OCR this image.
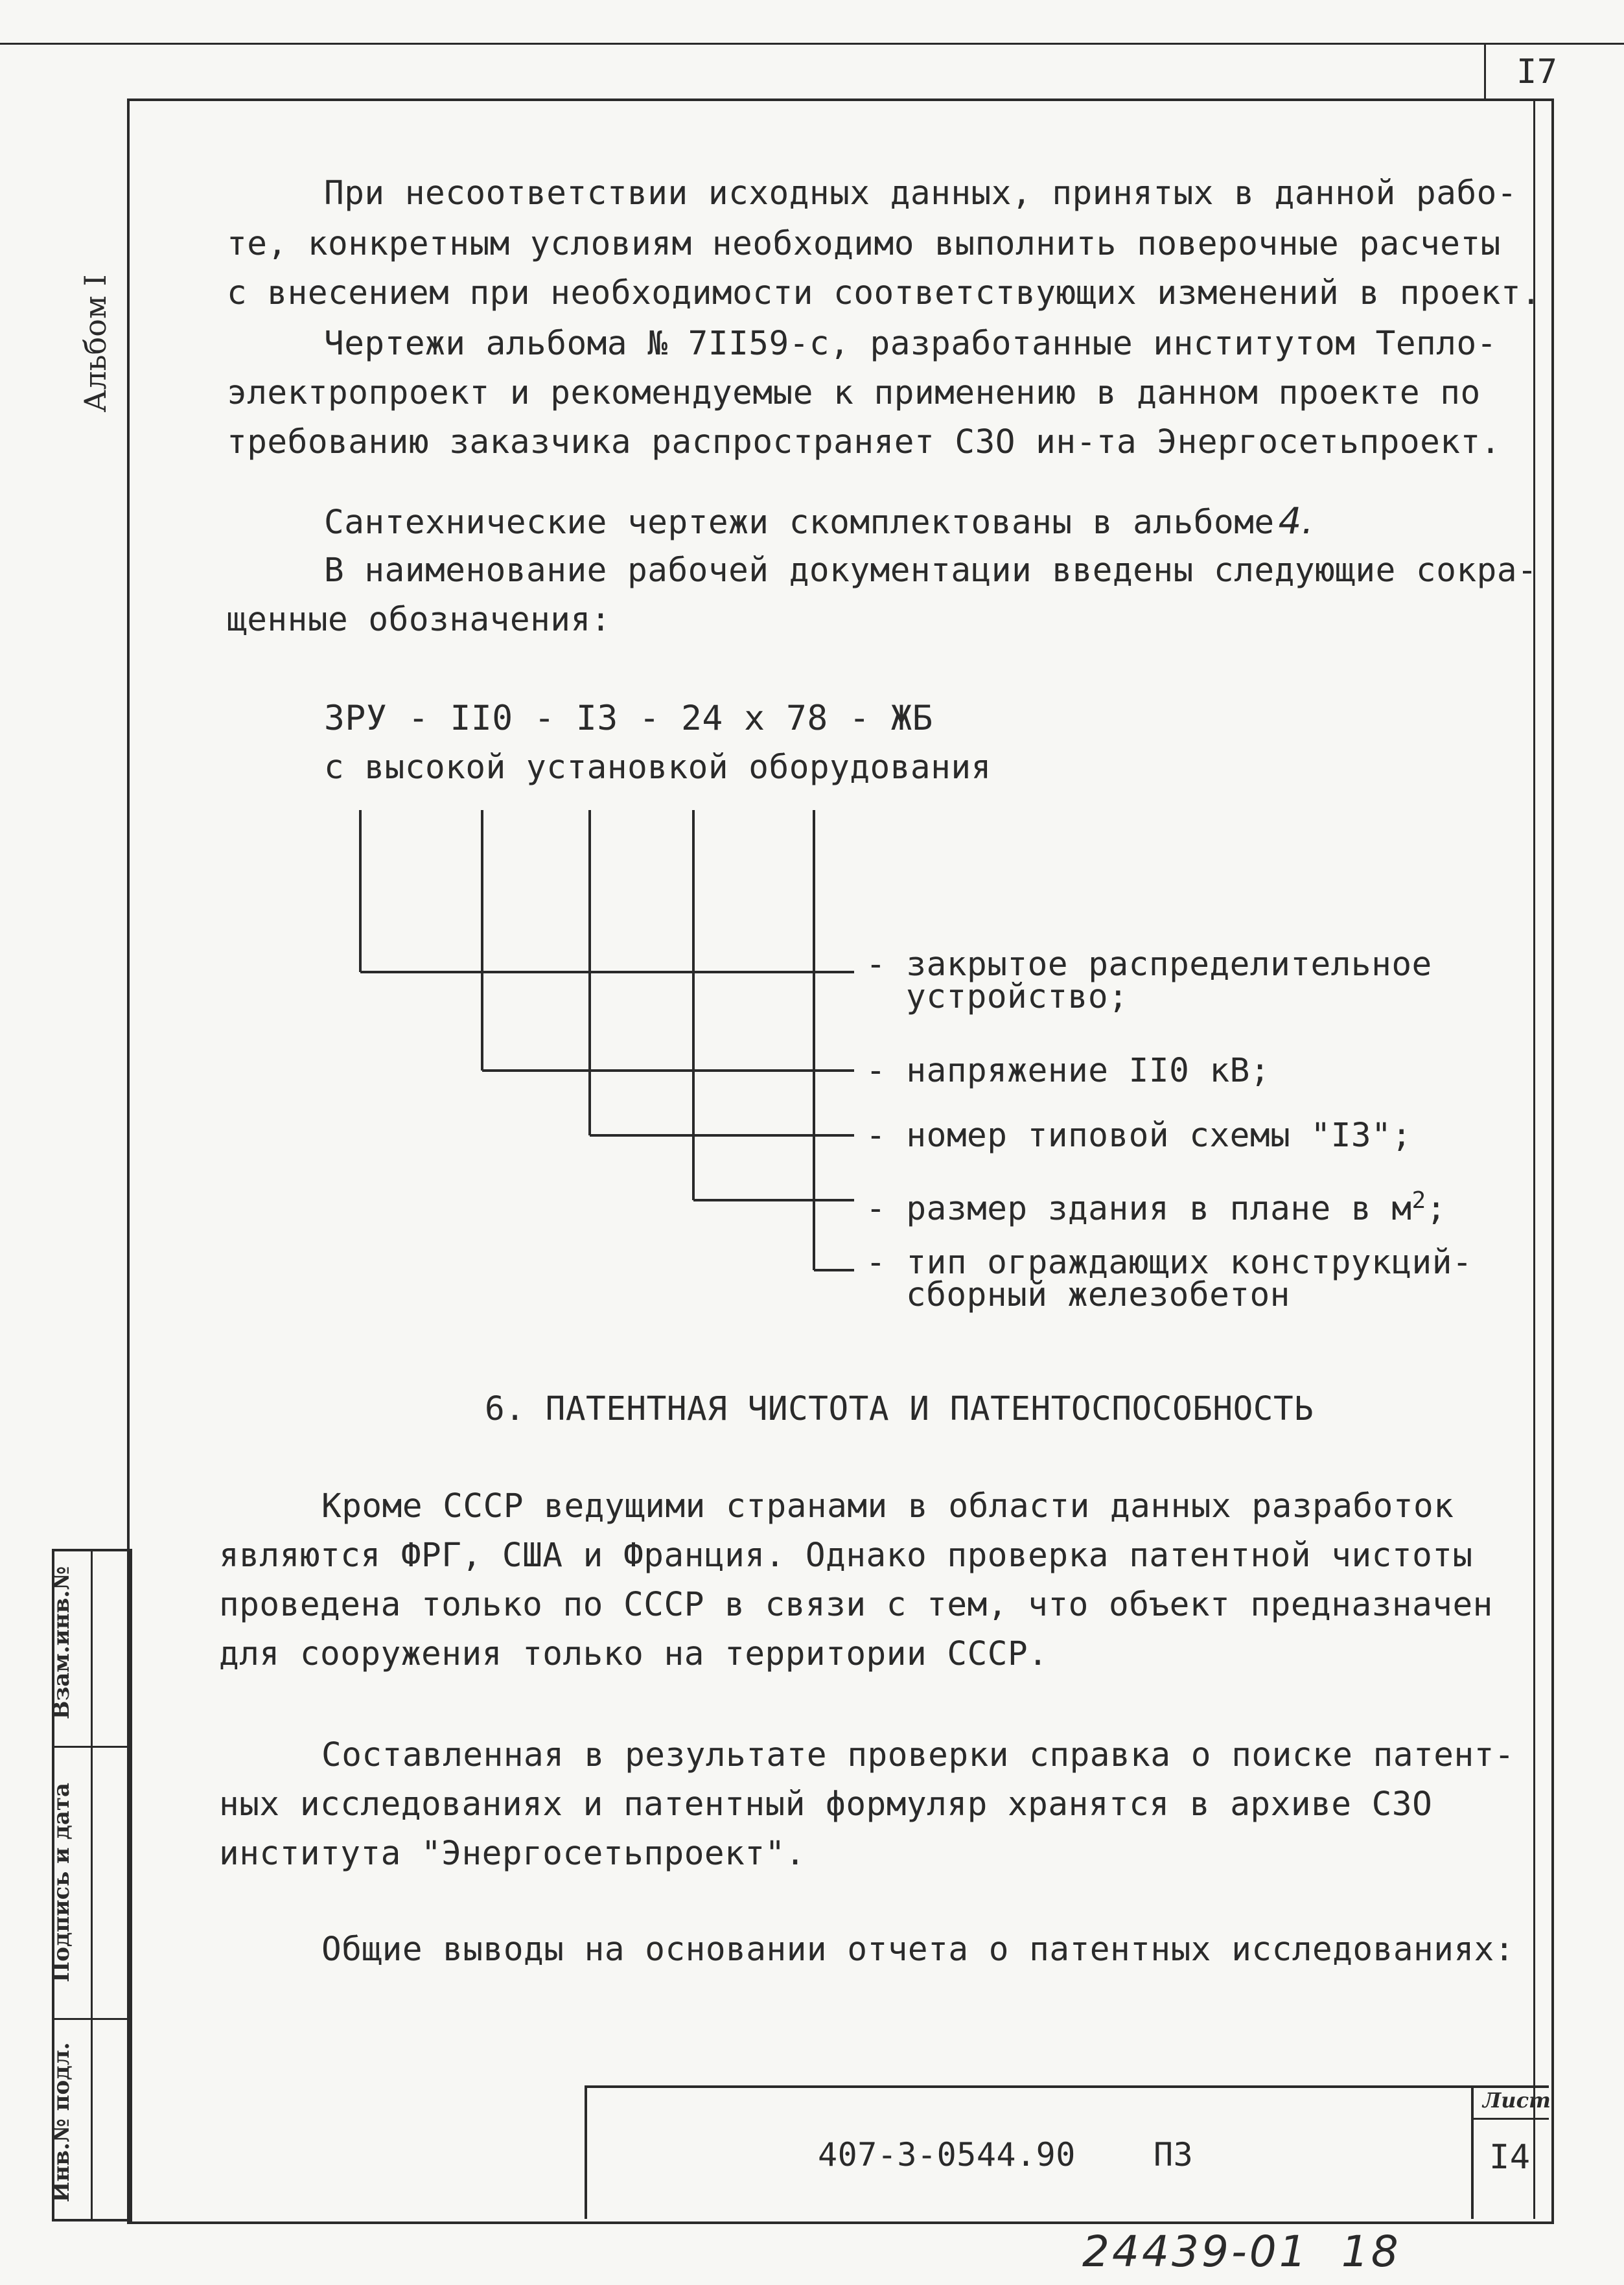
I7
Альбом I
Взам.инв.№
Подпись и дата
Инв.№ подл.
При несоответствии исходных данных, принятых в данной рабо-
те, конкретным условиям необходимо выполнить поверочные расчеты
с внесением при необходимости соответствующих изменений в проект.
Чертежи альбома № 7II59-с, разработанные институтом Тепло-
электропроект и рекомендуемые к применению в данном проекте по
требованию заказчика распространяет СЗО ин-та Энергосетьпроект.
Сантехнические чертежи скомплектованы в альбоме 4.
В наименование рабочей документации введены следующие сокра-
щенные обозначения:
ЗРУ - II0 - I3 - 24 х 78 - ЖБ
с высокой установкой оборудования
- закрытое распределительное
устройство;
- напряжение II0 кВ;
- номер типовой схемы "I3";
- размер здания в плане в $м^2$;
- тип ограждающих конструкций-
сборный железобетон
6. ПАТЕНТНАЯ ЧИСТОТА И ПАТЕНТОСПОСОБНОСТЬ
Кроме СССР ведущими странами в области данных разработок
являются ФРГ, США и Франция. Однако проверка патентной чистоты
проведена только по СССР в связи с тем, что объект предназначен
для сооружения только на территории СССР.
Составленная в результате проверки справка о поиске патент-
ных исследованиях и патентный формуляр хранятся в архиве СЗО
института "Энергосетьпроект".
Общие выводы на основании отчета о патентных исследованиях:
407-3-0544.90 ПЗ
Лист
I4
24439-01  18
